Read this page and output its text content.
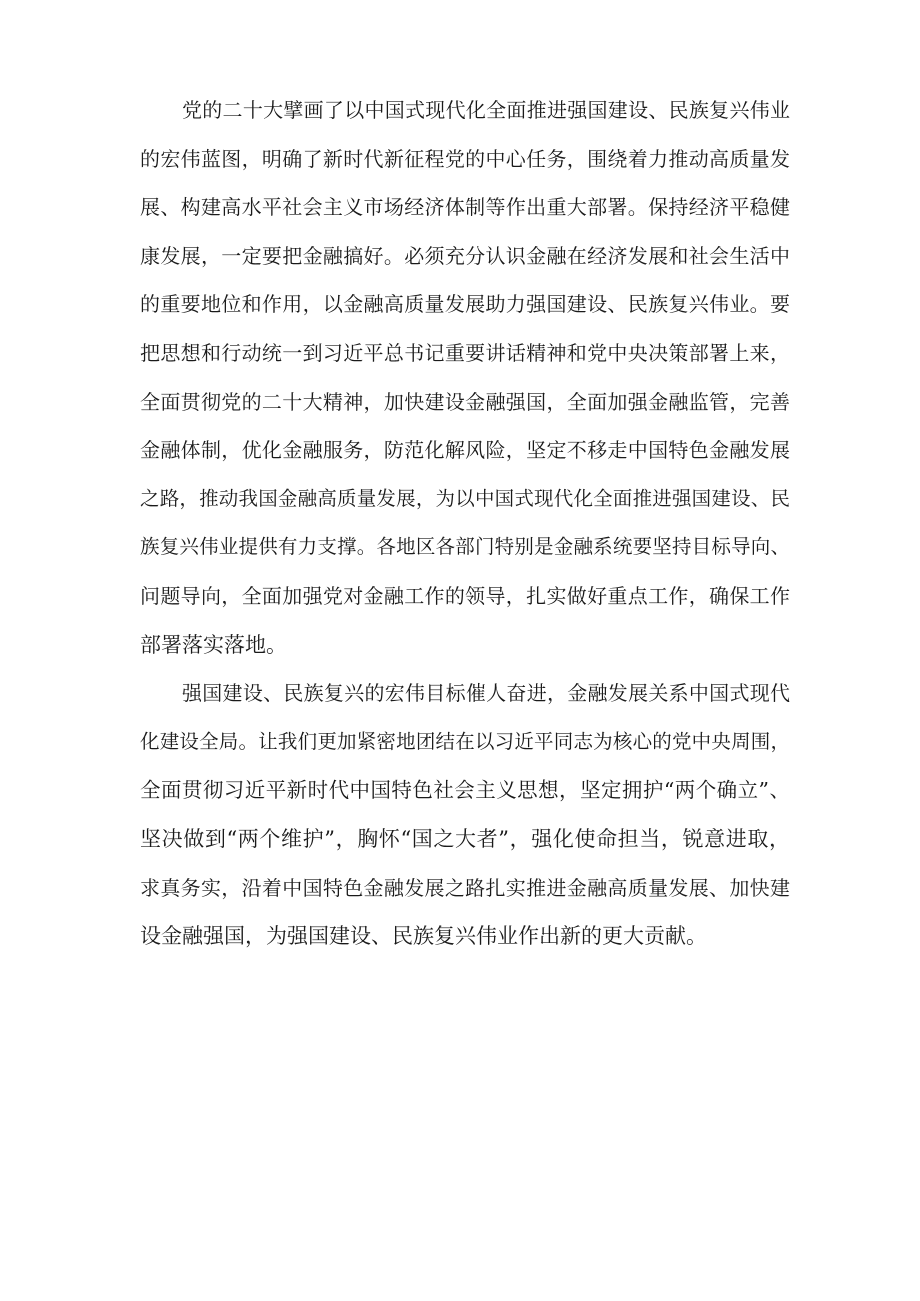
党的二十大擘画了以中国式现代化全面推进强国建设、民族复兴伟业
的宏伟蓝图，明确了新时代新征程党的中心任务，围绕着力推动高质量发
展、构建高水平社会主义市场经济体制等作出重大部署。保持经济平稳健
康发展，一定要把金融搞好。必须充分认识金融在经济发展和社会生活中
的重要地位和作用，以金融高质量发展助力强国建设、民族复兴伟业。要
把思想和行动统一到习近平总书记重要讲话精神和党中央决策部署上来，
全面贯彻党的二十大精神，加快建设金融强国，全面加强金融监管，完善
金融体制，优化金融服务，防范化解风险，坚定不移走中国特色金融发展
之路，推动我国金融高质量发展，为以中国式现代化全面推进强国建设、民
族复兴伟业提供有力支撑。各地区各部门特别是金融系统要坚持目标导向、
问题导向，全面加强党对金融工作的领导，扎实做好重点工作，确保工作
部署落实落地。
强国建设、民族复兴的宏伟目标催人奋进，金融发展关系中国式现代
化建设全局。让我们更加紧密地团结在以习近平同志为核心的党中央周围，
全面贯彻习近平新时代中国特色社会主义思想，坚定拥护“两个确立”、
坚决做到“两个维护”，胸怀“国之大者”，强化使命担当，锐意进取，
求真务实，沿着中国特色金融发展之路扎实推进金融高质量发展、加快建
设金融强国，为强国建设、民族复兴伟业作出新的更大贡献。
